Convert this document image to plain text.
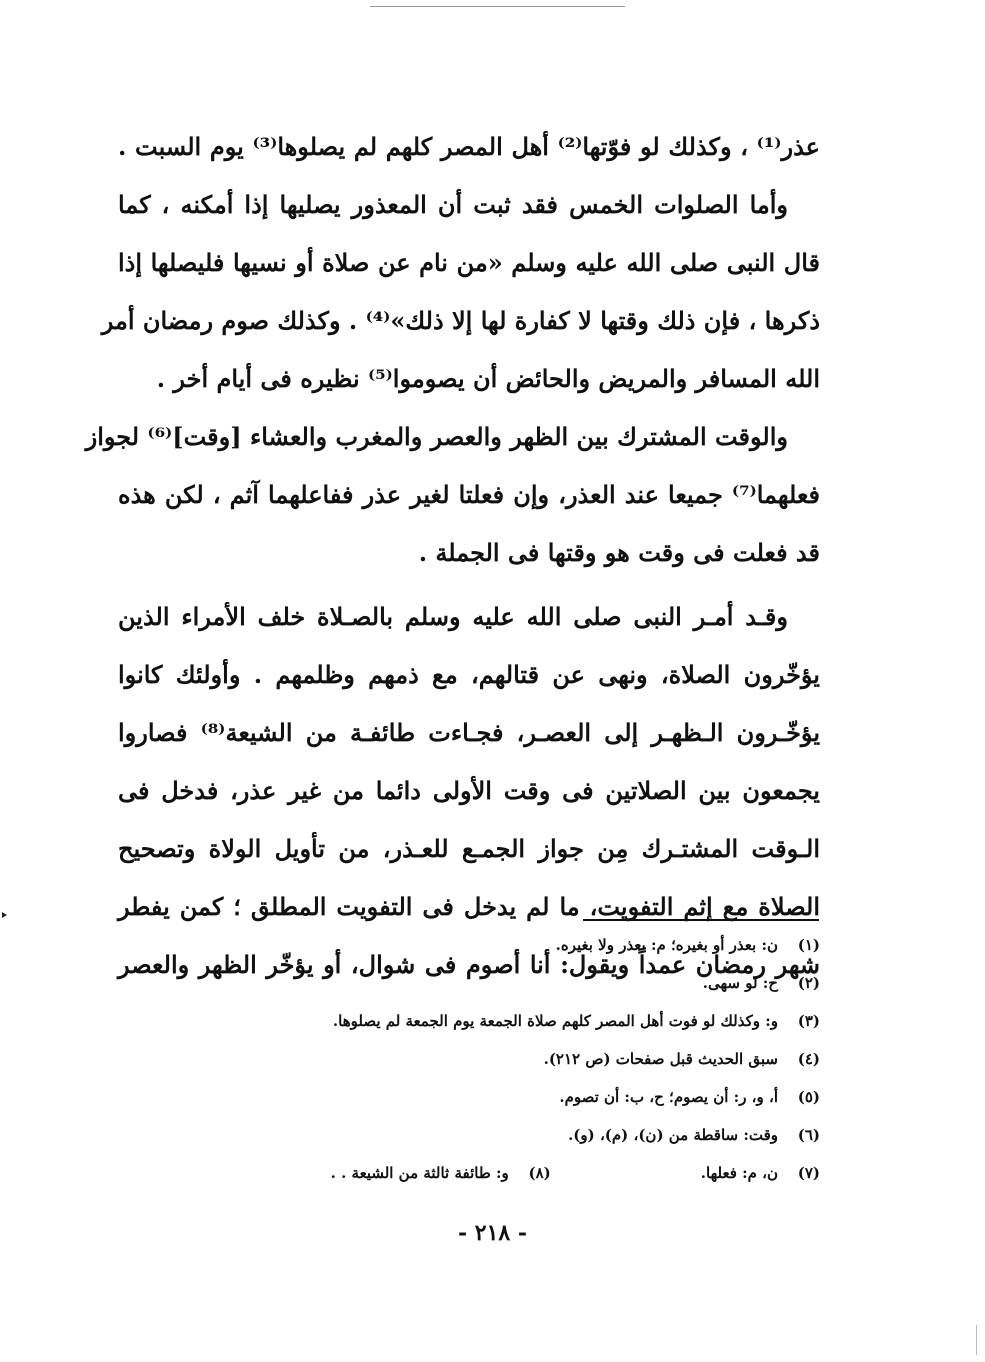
عذر⁽¹⁾ ، وكذلك لو فوّتها⁽²⁾ أهل المصر كلهم لم يصلوها⁽³⁾ يوم السبت .
وأما الصلوات الخمس فقد ثبت أن المعذور يصليها إذا أمكنه ، كما
قال النبى صلى الله عليه وسلم «من نام عن صلاة أو نسيها فليصلها إذا
ذكرها ، فإن ذلك وقتها لا كفارة لها إلا ذلك»⁽⁴⁾ . وكذلك صوم رمضان أمر
الله المسافر والمريض والحائض أن يصوموا⁽⁵⁾ نظيره فى أيام أخر .
والوقت المشترك بين الظهر والعصر والمغرب والعشاء [وقت]⁽⁶⁾ لجواز
فعلهما⁽⁷⁾ جميعا عند العذر، وإن فعلتا لغير عذر ففاعلهما آثم ، لكن هذه
قد فعلت فى وقت هو وقتها فى الجملة .
وقـد أمـر النبى صلى الله عليه وسلم بالصـلاة خلف الأمراء الذين
يؤخّرون الصلاة، ونهى عن قتالهم، مع ذمهم وظلمهم . وأولئك كانوا
يؤخّـرون الـظهـر إلى العصـر، فجـاءت طائفـة من الشيعة⁽⁸⁾ فصاروا
يجمعون بين الصلاتين فى وقت الأولى دائما من غير عذر، فدخل فى
الـوقت المشتـرك مِن جواز الجمـع للعـذر، من تأويل الولاة وتصحيح
الصلاة مع إثم التفويت، ما لم يدخل فى التفويت المطلق ؛ كمن يفطر
شهر رمضان عمداً ويقول: أنا أصوم فى شوال، أو يؤخّر الظهر والعصر
(١)ن: بعذر أو بغيره؛ م: بعذر ولا بغيره.
(٢)ح: لو سهى.
(٣)و: وكذلك لو فوت أهل المصر كلهم صلاة الجمعة يوم الجمعة لم يصلوها.
(٤)سبق الحديث قبل صفحات (ص ٢١٢).
(٥)أ، و، ر: أن يصوم؛ ح، ب: أن تصوم.
(٦)وقت: ساقطة من (ن)، (م)، (و).
(٧)ن، م: فعلها.
(٨)و: طائفة ثالثة من الشيعة . .
- ٢١٨ -
